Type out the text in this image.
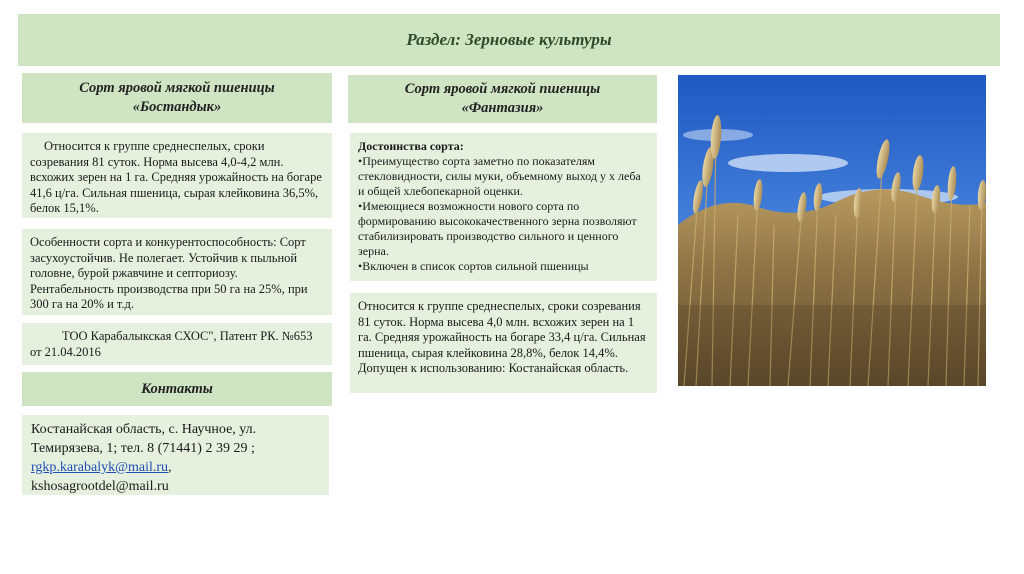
Раздел: Зерновые культуры
Сорт яровой мягкой пшеницы
«Бостандык»

Относится к группе среднеспелых, сроки созревания 81 суток. Норма высева 4,0-4,2 млн. всхожих зерен на 1 га. Средняя урожайность на богаре 41,6 ц/га. Сильная пшеница, сырая клейковина 36,5%, белок 15,1%.

Особенности сорта и конкурентоспособность: Сорт засухоустойчив. Не полегает. Устойчив к пыльной головне, бурой ржавчине и септориозу. Рентабельность производства при 50 га на 25%, при 300 га на 20% и т.д.

ТОО Карабалыкская СХОС", Патент РК. №653 от 21.04.2016

Контакты
Костанайская область, с. Научное, ул.
Темирязева, 1; тел. 8 (71441) 2 39 29 ;
rgkp.karabalyk@mail.ru,
kshosagrootdel@mail.ru
Сорт яровой мягкой пшеницы
«Фантазия»

Достоинства сорта:

•Преимущество сорта заметно по показателям стекловидности, силы муки, объемному выход у х леба и общей хлебопекарной оценки.
•Имеющиеся возможности нового сорта по формированию высококачественного зерна позволяют стабилизировать производство сильного и ценного зерна.
•Включен в список сортов сильной пшеницы

Относится к группе среднеспелых, сроки созревания 81 суток. Норма высева 4,0 млн. всхожих зерен на 1 га. Средняя урожайность на богаре 33,4 ц/га. Сильная пшеница, сырая клейковина 28,8%, белок 14,4%. Допущен к использованию: Костанайская область.
